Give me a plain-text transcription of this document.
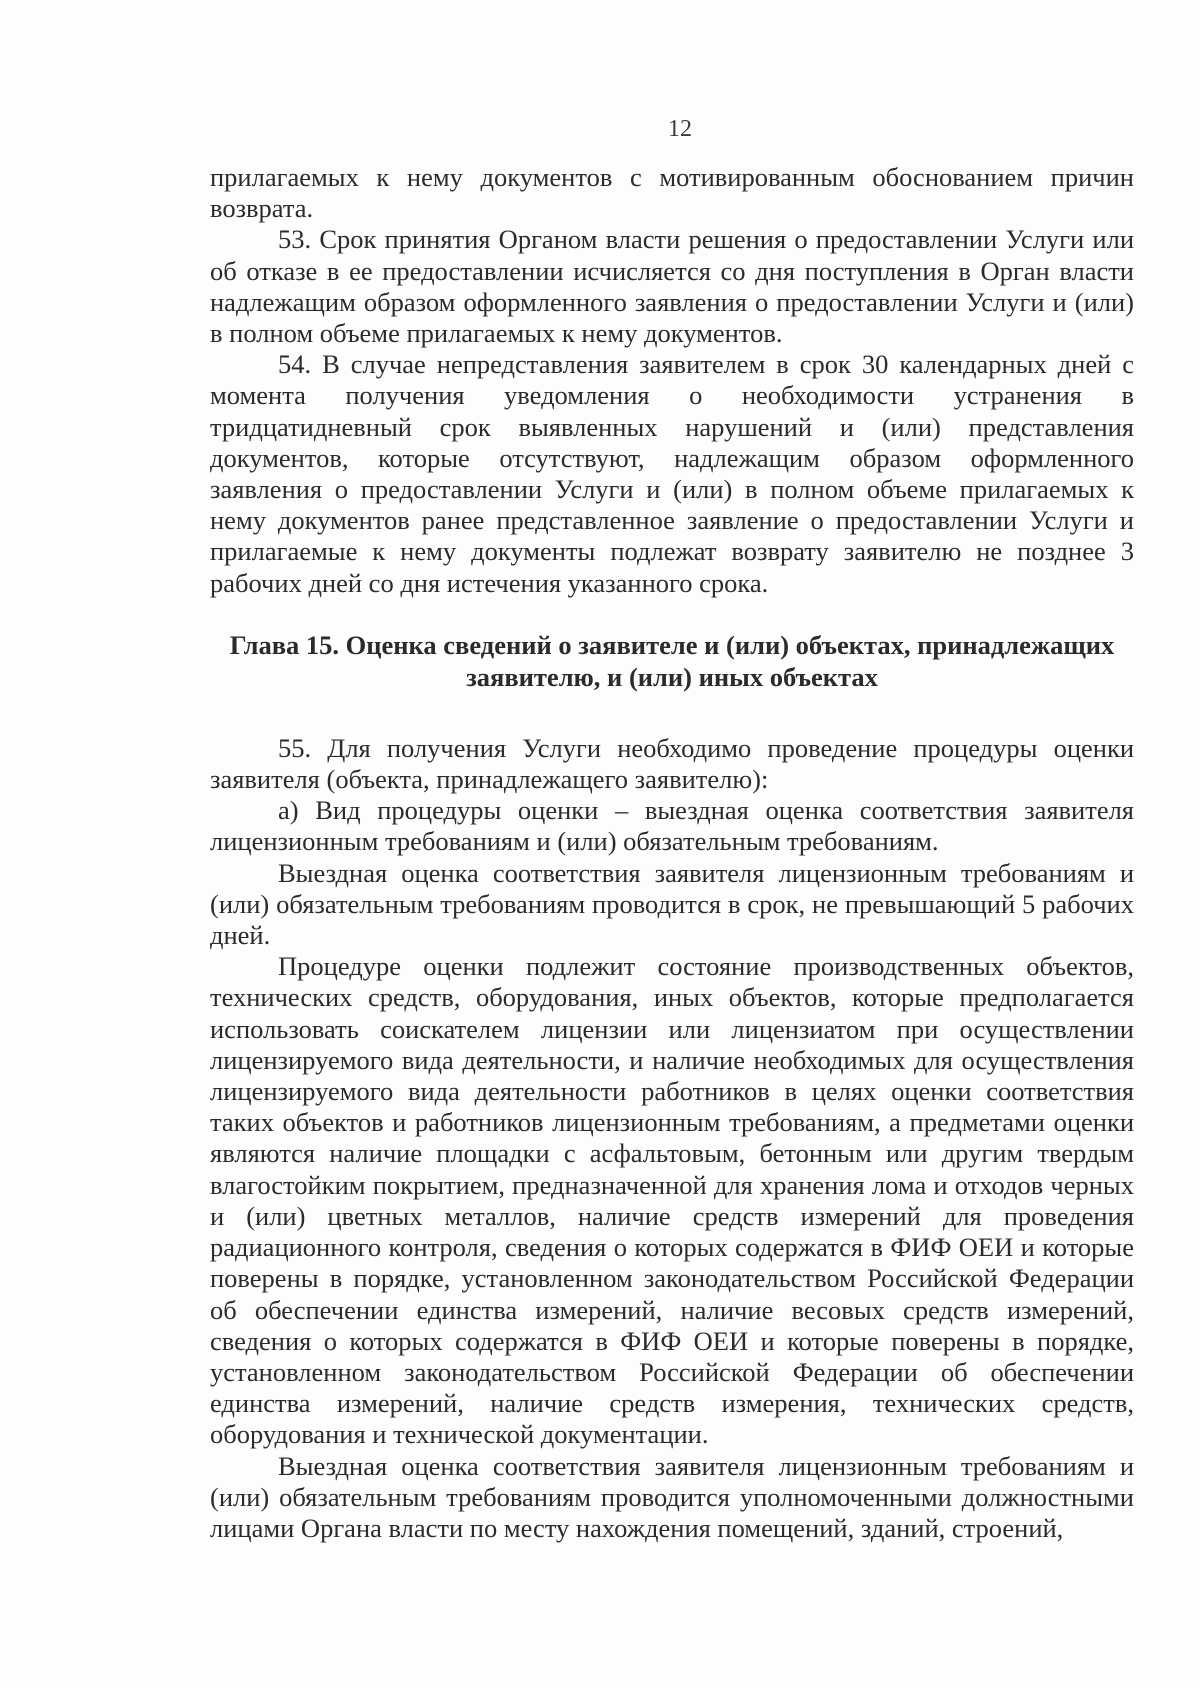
12

прилагаемых к нему документов с мотивированным обоснованием причин возврата.

53. Срок принятия Органом власти решения о предоставлении Услуги или об отказе в ее предоставлении исчисляется со дня поступления в Орган власти надлежащим образом оформленного заявления о предоставлении Услуги и (или) в полном объеме прилагаемых к нему документов.

54. В случае непредставления заявителем в срок 30 календарных дней с момента получения уведомления о необходимости устранения в тридцатидневный срок выявленных нарушений и (или) представления документов, которые отсутствуют, надлежащим образом оформленного заявления о предоставлении Услуги и (или) в полном объеме прилагаемых к нему документов ранее представленное заявление о предоставлении Услуги и прилагаемые к нему документы подлежат возврату заявителю не позднее 3 рабочих дней со дня истечения указанного срока.

Глава 15. Оценка сведений о заявителе и (или) объектах, принадлежащих заявителю, и (или) иных объектах

55. Для получения Услуги необходимо проведение процедуры оценки заявителя (объекта, принадлежащего заявителю):

а) Вид процедуры оценки – выездная оценка соответствия заявителя лицензионным требованиям и (или) обязательным требованиям.

Выездная оценка соответствия заявителя лицензионным требованиям и (или) обязательным требованиям проводится в срок, не превышающий 5 рабочих дней.

Процедуре оценки подлежит состояние производственных объектов, технических средств, оборудования, иных объектов, которые предполагается использовать соискателем лицензии или лицензиатом при осуществлении лицензируемого вида деятельности, и наличие необходимых для осуществления лицензируемого вида деятельности работников в целях оценки соответствия таких объектов и работников лицензионным требованиям, а предметами оценки являются наличие площадки с асфальтовым, бетонным или другим твердым влагостойким покрытием, предназначенной для хранения лома и отходов черных и (или) цветных металлов, наличие средств измерений для проведения радиационного контроля, сведения о которых содержатся в ФИФ ОЕИ и которые поверены в порядке, установленном законодательством Российской Федерации об обеспечении единства измерений, наличие весовых средств измерений, сведения о которых содержатся в ФИФ ОЕИ и которые поверены в порядке, установленном законодательством Российской Федерации об обеспечении единства измерений, наличие средств измерения, технических средств, оборудования и технической документации.

Выездная оценка соответствия заявителя лицензионным требованиям и (или) обязательным требованиям проводится уполномоченными должностными лицами Органа власти по месту нахождения помещений, зданий, строений,
